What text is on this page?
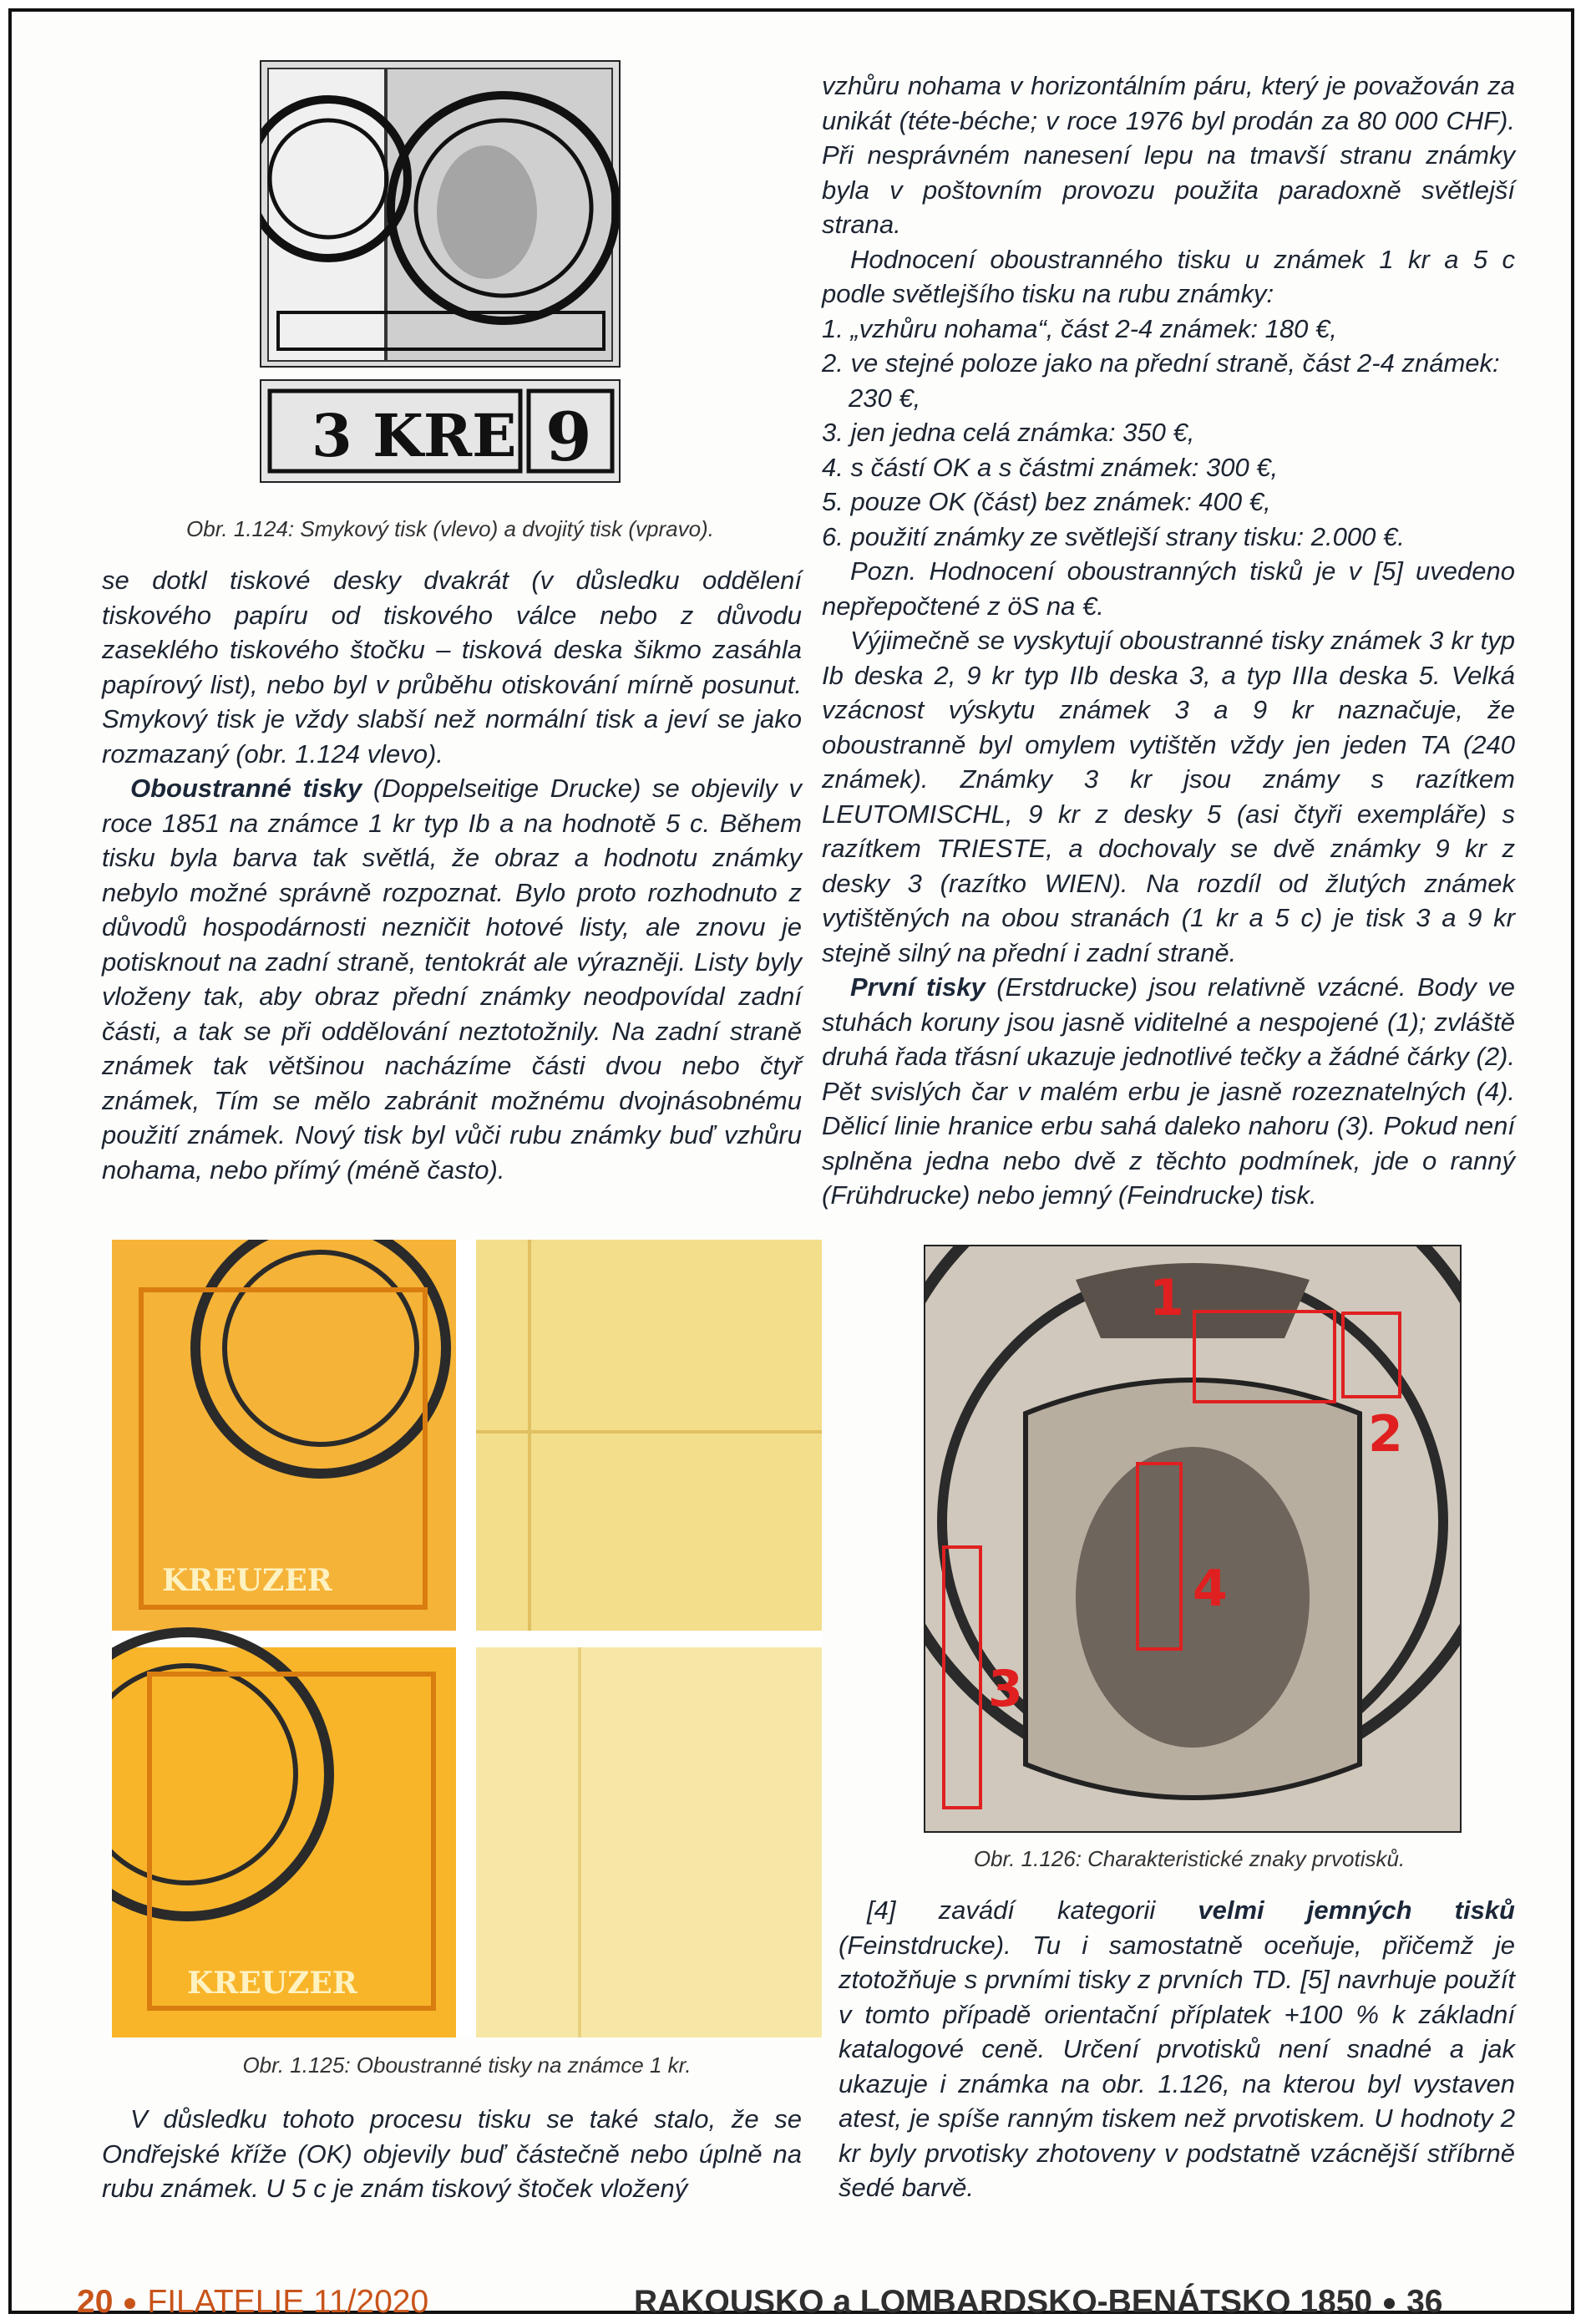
3 KRE 9
Obr. 1.124: Smykový tisk (vlevo) a dvojitý tisk (vpravo).

se dotkl tiskové desky dvakrát (v důsledku oddělení tiskového papíru od tiskového válce nebo z důvodu zaseklého tiskového štočku – tisková deska šikmo zasáhla papírový list), nebo byl v průběhu otiskování mírně posunut. Smykový tisk je vždy slabší než normální tisk a jeví se jako rozmazaný (obr. 1.124 vlevo).

Oboustranné tisky (Doppelseitige Drucke) se objevily v roce 1851 na známce 1 kr typ Ib a na hodnotě 5 c. Během tisku byla barva tak světlá, že obraz a hodnotu známky nebylo možné správně rozpoznat. Bylo proto rozhodnuto z důvodů hospodárnosti nezničit hotové listy, ale znovu je potisknout na zadní straně, tentokrát ale výrazněji. Listy byly vloženy tak, aby obraz přední známky neodpovídal zadní části, a tak se při oddělování neztotožnily. Na zadní straně známek tak většinou nacházíme části dvou nebo čtyř známek, Tím se mělo zabránit možnému dvojnásobnému použití známek. Nový tisk byl vůči rubu známky buď vzhůru nohama, nebo přímý (méně často).

KREUZER
KREUZER
Obr. 1.125: Oboustranné tisky na známce 1 kr.

V důsledku tohoto procesu tisku se také stalo, že se Ondřejské kříže (OK) objevily buď částečně nebo úplně na rubu známek. U 5 c je znám tiskový štoček vložený

vzhůru nohama v horizontálním páru, který je považován za unikát (téte-béche; v roce 1976 byl prodán za 80 000 CHF). Při nesprávném nanesení lepu na tmavší stranu známky byla v poštovním provozu použita paradoxně světlejší strana.

Hodnocení oboustranného tisku u známek 1 kr a 5 c podle světlejšího tisku na rubu známky:

1. „vzhůru nohama“, část 2-4 známek: 180 €,
2. ve stejné poloze jako na přední straně, část 2-4 známek: 230 €,
3. jen jedna celá známka: 350 €,
4. s částí OK a s částmi známek: 300 €,
5. pouze OK (část) bez známek: 400 €,
6. použití známky ze světlejší strany tisku: 2.000 €.

Pozn. Hodnocení oboustranných tisků je v [5] uvedeno nepřepočtené z öS na €.

Výjimečně se vyskytují oboustranné tisky známek 3 kr typ Ib deska 2, 9 kr typ IIb deska 3, a typ IIIa deska 5. Velká vzácnost výskytu známek 3 a 9 kr naznačuje, že oboustranně byl omylem vytištěn vždy jen jeden TA (240 známek). Známky 3 kr jsou známy s razítkem LEUTOMISCHL, 9 kr z desky 5 (asi čtyři exempláře) s razítkem TRIESTE, a dochovaly se dvě známky 9 kr z desky 3 (razítko WIEN). Na rozdíl od žlutých známek vytištěných na obou stranách (1 kr a 5 c) je tisk 3 a 9 kr stejně silný na přední i zadní straně.

První tisky (Erstdrucke) jsou relativně vzácné. Body ve stuhách koruny jsou jasně viditelné a nespojené (1); zvláště druhá řada třásní ukazuje jednotlivé tečky a žádné čárky (2). Pět svislých čar v malém erbu je jasně rozeznatelných (4). Dělicí linie hranice erbu sahá daleko nahoru (3). Pokud není splněna jedna nebo dvě z těchto podmínek, jde o ranný (Frühdrucke) nebo jemný (Feindrucke) tisk.

1
2
3
4
Obr. 1.126: Charakteristické znaky prvotisků.

[4] zavádí kategorii velmi jemných tisků (Feinstdrucke). Tu i samostatně oceňuje, přičemž je ztotožňuje s prvními tisky z prvních TD. [5] navrhuje použít v tomto případě orientační příplatek +100 % k základní katalogové ceně. Určení prvotisků není snadné a jak ukazuje i známka na obr. 1.126, na kterou byl vystaven atest, je spíše ranným tiskem než prvotiskem. U hodnoty 2 kr byly prvotisky zhotoveny v podstatně vzácnější stříbrně šedé barvě.

20 FILATELIE 11/2020	RAKOUSKO a LOMBARDSKO-BENÁTSKO 1850 36
